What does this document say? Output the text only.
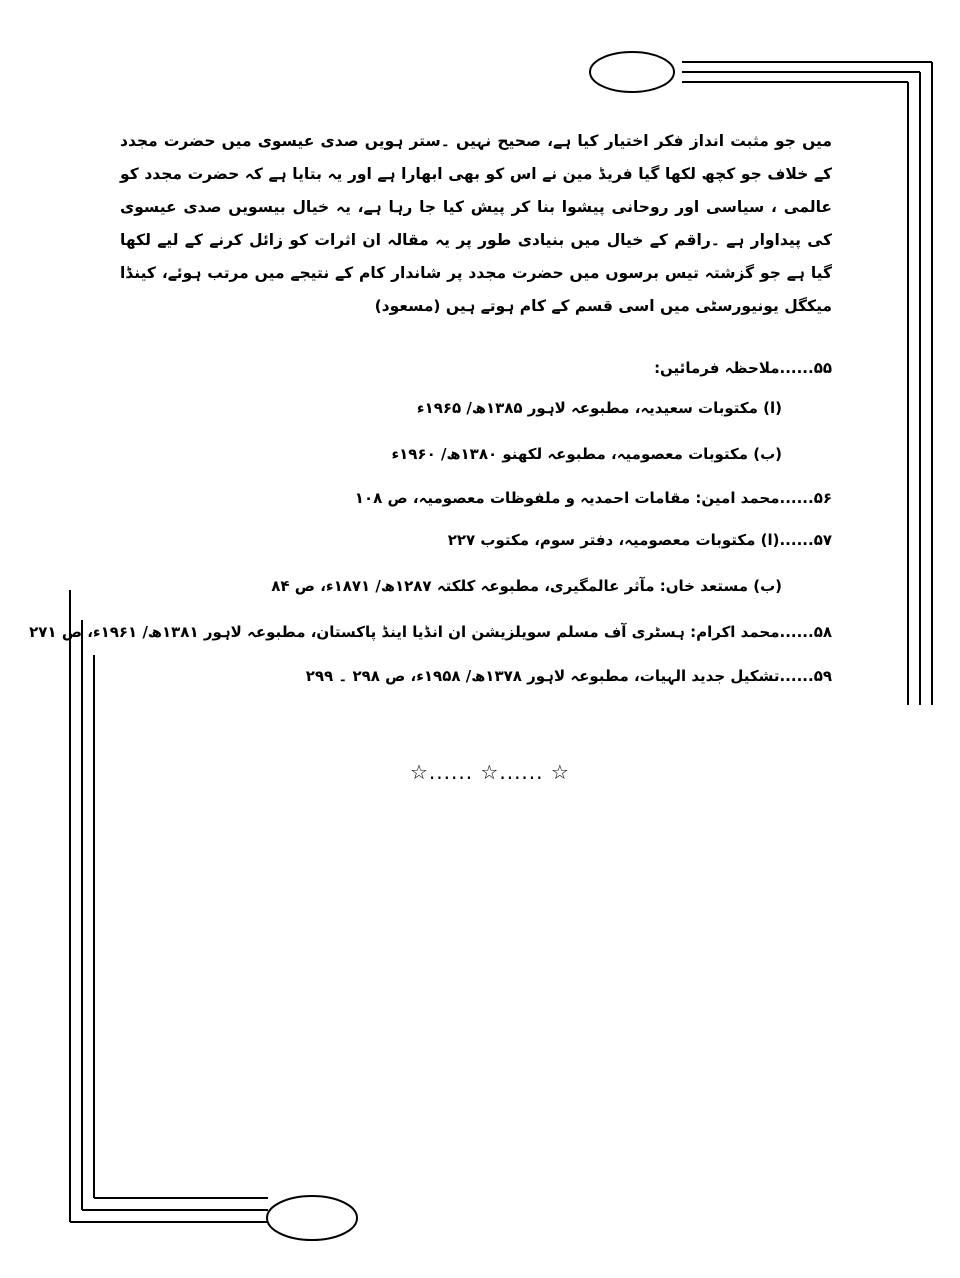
میں جو مثبت انداز فکر اختیار کیا ہے، صحیح نہیں ۔ستر ہویں صدی عیسوی میں حضرت مجدد کے خلاف جو کچھ لکھا گیا فریڈ مین نے اس کو بھی ابھارا ہے اور یہ بتایا ہے کہ حضرت مجدد کو عالمی ، سیاسی اور روحانی پیشوا بنا کر پیش کیا جا رہا ہے، یہ خیال بیسویں صدی عیسوی کی پیداوار ہے ۔راقم کے خیال میں بنیادی طور پر یہ مقالہ ان اثرات کو زائل کرنے کے لیے لکھا گیا ہے جو گزشتہ تیس برسوں میں حضرت مجدد پر شاندار کام کے نتیجے میں مرتب ہوئے، کینڈا میکگل یونیورسٹی میں اسی قسم کے کام ہوتے ہیں (مسعود)
۵۵......ملاحظہ فرمائیں:
(ا) مکتوبات سعیدیہ، مطبوعہ لاہور ۱۳۸۵ھ/ ۱۹۶۵ء
(ب) مکتوبات معصومیہ، مطبوعہ لکھنو ۱۳۸۰ھ/ ۱۹۶۰ء
۵۶......محمد امین: مقامات احمدیہ و ملفوظات معصومیہ، ص ۱۰۸
۵۷......(ا) مکتوبات معصومیہ، دفتر سوم، مکتوب ۲۲۷
(ب) مستعد خاں: مآثر عالمگیری، مطبوعہ کلکتہ ۱۲۸۷ھ/ ۱۸۷۱ء، ص ۸۴
۵۸......محمد اکرام: ہسٹری آف مسلم سویلزیشن ان انڈیا اینڈ پاکستان، مطبوعہ لاہور ۱۳۸۱ھ/ ۱۹۶۱ء، ص ۲۷۱
۵۹......تشکیل جدید الہیات، مطبوعہ لاہور ۱۳۷۸ھ/ ۱۹۵۸ء، ص ۲۹۸ ۔ ۲۹۹
☆...... ☆...... ☆
